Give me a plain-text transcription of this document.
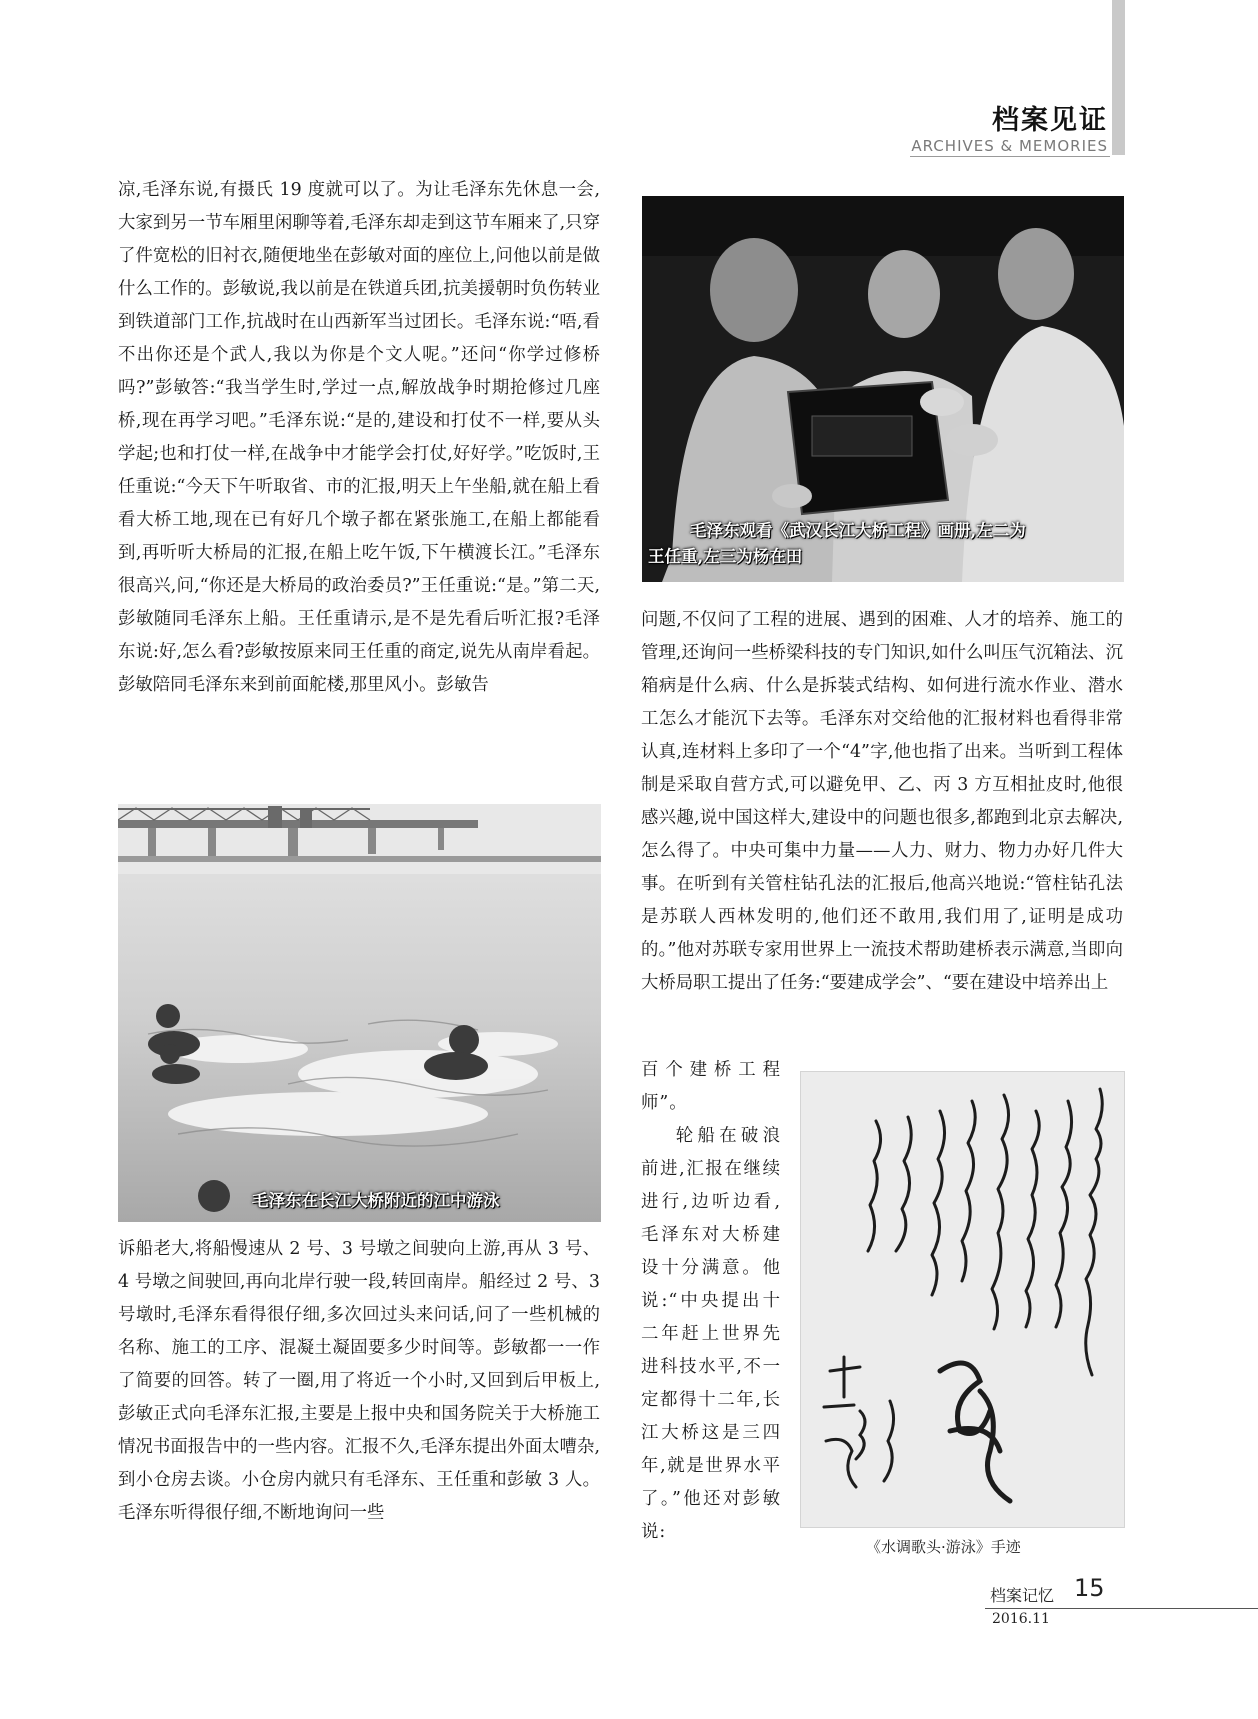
档案见证
ARCHIVES & MEMORIES

凉,毛泽东说,有摄氏 19 度就可以了。为让毛泽东先休息一会,大家到另一节车厢里闲聊等着,毛泽东却走到这节车厢来了,只穿了件宽松的旧衬衣,随便地坐在彭敏对面的座位上,问他以前是做什么工作的。彭敏说,我以前是在铁道兵团,抗美援朝时负伤转业到铁道部门工作,抗战时在山西新军当过团长。毛泽东说:“唔,看不出你还是个武人,我以为你是个文人呢。”还问“你学过修桥吗?”彭敏答:“我当学生时,学过一点,解放战争时期抢修过几座桥,现在再学习吧。”毛泽东说:“是的,建设和打仗不一样,要从头学起;也和打仗一样,在战争中才能学会打仗,好好学。”吃饭时,王任重说:“今天下午听取省、市的汇报,明天上午坐船,就在船上看看大桥工地,现在已有好几个墩子都在紧张施工,在船上都能看到,再听听大桥局的汇报,在船上吃午饭,下午横渡长江。”毛泽东很高兴,问,“你还是大桥局的政治委员?”王任重说:“是。”第二天,彭敏随同毛泽东上船。王任重请示,是不是先看后听汇报?毛泽东说:好,怎么看?彭敏按原来同王任重的商定,说先从南岸看起。彭敏陪同毛泽东来到前面舵楼,那里风小。彭敏告

毛泽东在长江大桥附近的江中游泳

诉船老大,将船慢速从 2 号、3 号墩之间驶向上游,再从 3 号、4 号墩之间驶回,再向北岸行驶一段,转回南岸。船经过 2 号、3 号墩时,毛泽东看得很仔细,多次回过头来问话,问了一些机械的名称、施工的工序、混凝土凝固要多少时间等。彭敏都一一作了简要的回答。转了一圈,用了将近一个小时,又回到后甲板上,彭敏正式向毛泽东汇报,主要是上报中央和国务院关于大桥施工情况书面报告中的一些内容。汇报不久,毛泽东提出外面太嘈杂,到小仓房去谈。小仓房内就只有毛泽东、王任重和彭敏 3 人。毛泽东听得很仔细,不断地询问一些

毛泽东观看《武汉长江大桥工程》画册,左二为
王任重,左三为杨在田

问题,不仅问了工程的进展、遇到的困难、人才的培养、施工的管理,还询问一些桥梁科技的专门知识,如什么叫压气沉箱法、沉箱病是什么病、什么是拆装式结构、如何进行流水作业、潜水工怎么才能沉下去等。毛泽东对交给他的汇报材料也看得非常认真,连材料上多印了一个“4”字,他也指了出来。当听到工程体制是采取自营方式,可以避免甲、乙、丙 3 方互相扯皮时,他很感兴趣,说中国这样大,建设中的问题也很多,都跑到北京去解决,怎么得了。中央可集中力量——人力、财力、物力办好几件大事。在听到有关管柱钻孔法的汇报后,他高兴地说:“管柱钻孔法是苏联人西林发明的,他们还不敢用,我们用了,证明是成功的。”他对苏联专家用世界上一流技术帮助建桥表示满意,当即向大桥局职工提出了任务:“要建成学会”、“要在建设中培养出上

百个建桥工程师”。

轮船在破浪前进,汇报在继续进行,边听边看,毛泽东对大桥建设十分满意。他说:“中央提出十二年赶上世界先进科技水平,不一定都得十二年,长江大桥这是三四年,就是世界水平了。”他还对彭敏说:

《水调歌头·游泳》手迹
档案记忆 15
2016.11
